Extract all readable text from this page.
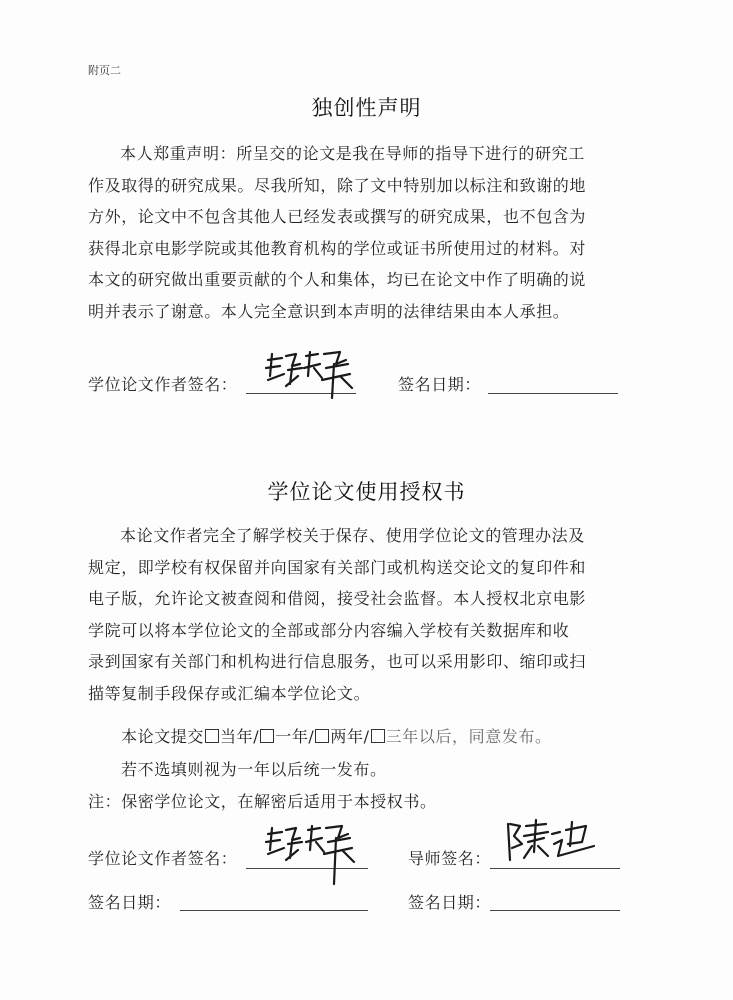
附页二
独创性声明

本人郑重声明：所呈交的论文是我在导师的指导下进行的研究工

作及取得的研究成果。尽我所知，除了文中特别加以标注和致谢的地
方外，论文中不包含其他人已经发表或撰写的研究成果，也不包含为
获得北京电影学院或其他教育机构的学位或证书所使用过的材料。对
本文的研究做出重要贡献的个人和集体，均已在论文中作了明确的说
明并表示了谢意。本人完全意识到本声明的法律结果由本人承担。
学位论文作者签名：	签名日期：
学位论文使用授权书

本论文作者完全了解学校关于保存、使用学位论文的管理办法及

规定，即学校有权保留并向国家有关部门或机构送交论文的复印件和
电子版，允许论文被查阅和借阅，接受社会监督。本人授权北京电影
学院可以将本学位论文的全部或部分内容编入学校有关数据库和收
录到国家有关部门和机构进行信息服务，也可以采用影印、缩印或扫
描等复制手段保存或汇编本学位论文。
本论文提交 当年/ 一年/ 两年/ 三年以后，同意发布。
若不选填则视为一年以后统一发布。
注：保密学位论文，在解密后适用于本授权书。
学位论文作者签名：	导师签名：
签名日期：	签名日期：
